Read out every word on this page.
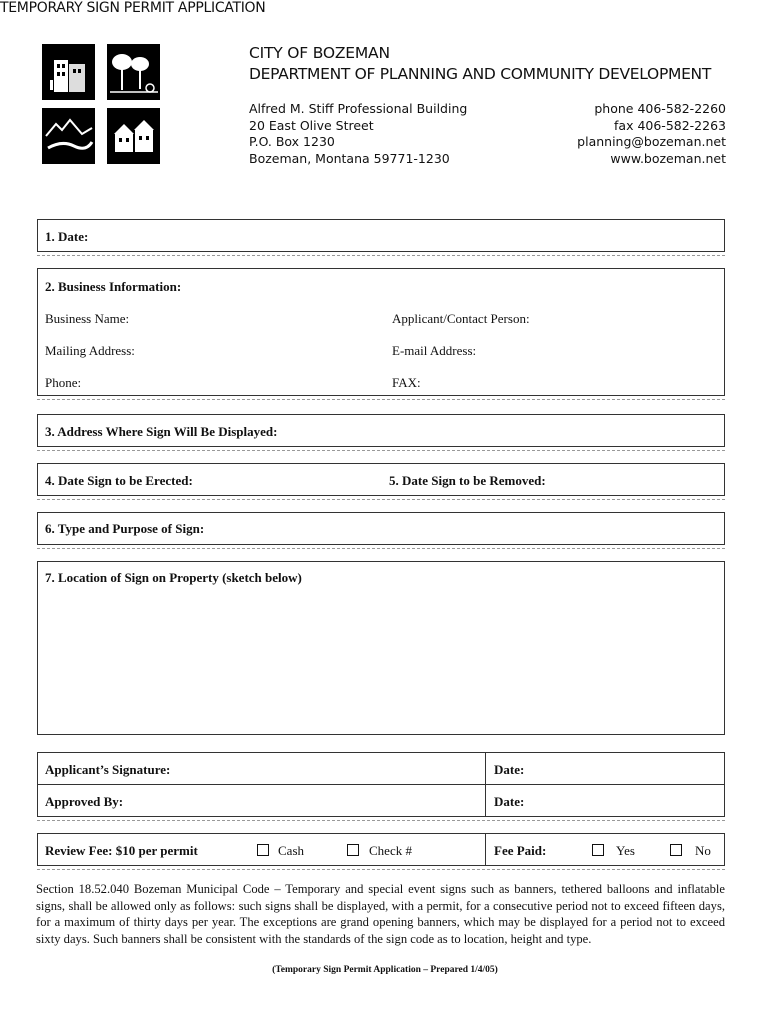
CITY OF BOZEMAN
DEPARTMENT OF PLANNING AND COMMUNITY DEVELOPMENT
Alfred M. Stiff Professional Building
20 East Olive Street
P.O. Box 1230
Bozeman, Montana 59771-1230
phone 406-582-2260
fax 406-582-2263
planning@bozeman.net
www.bozeman.net
TEMPORARY SIGN PERMIT APPLICATION
1. Date:
2. Business Information:
Business Name:	Applicant/Contact Person:
Mailing Address:	E-mail Address:
Phone:	FAX:
3. Address Where Sign Will Be Displayed:
4. Date Sign to be Erected:	5. Date Sign to be Removed:
6. Type and Purpose of Sign:
7. Location of Sign on Property (sketch below)
Applicant’s Signature:	Date:
Approved By:	Date:
Review Fee: $10 per permit	Cash	Check #	Fee Paid:	Yes	No
Section 18.52.040 Bozeman Municipal Code – Temporary and special event signs such as banners, tethered balloons and inflatable signs, shall be allowed only as follows: such signs shall be displayed, with a permit, for a consecutive period not to exceed fifteen days, for a maximum of thirty days per year. The exceptions are grand opening banners, which may be displayed for a period not to exceed sixty days. Such banners shall be consistent with the standards of the sign code as to location, height and type.
(Temporary Sign Permit Application – Prepared 1/4/05)
